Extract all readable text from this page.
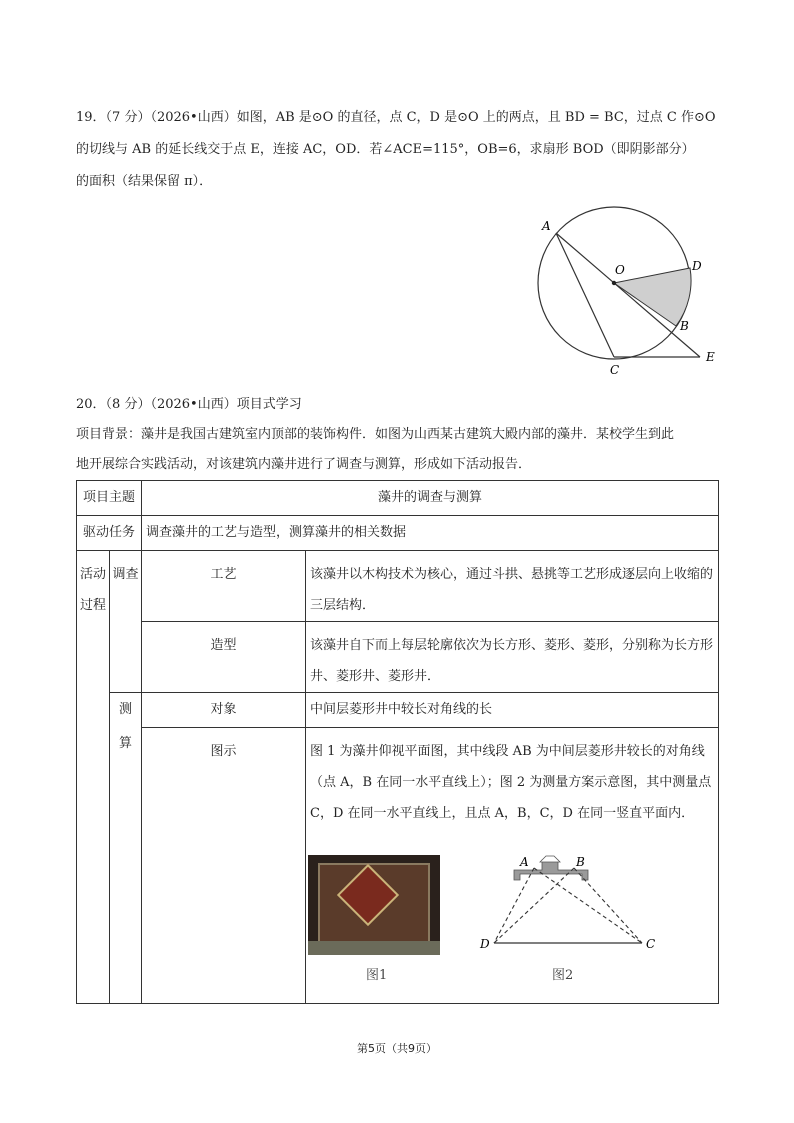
19．（7 分）（2026•山西）如图，AB 是⊙O 的直径，点 C，D 是⊙O 上的两点，且 BD = BC，过点 C 作⊙O
的切线与 AB 的延长线交于点 E，连接 AC，OD．若∠ACE=115°，OB=6，求扇形 BOD（即阴影部分）
的面积（结果保留 π）．
A
O	D
B
E
C
20．（8 分）（2026•山西）项目式学习
项目背景：藻井是我国古建筑室内顶部的装饰构件．如图为山西某古建筑大殿内部的藻井．某校学生到此
地开展综合实践活动，对该建筑内藻井进行了调查与测算，形成如下活动报告．
项目主题		藻井的调查与测算	
驱动任务		调查藻井的工艺与造型，测算藻井的相关数据	
活动过程	调查	工艺	该藻井以木构技术为核心，通过斗拱、悬挑等工艺形成逐层向上收缩的三层结构．
		造型	该藻井自下而上每层轮廓依次为长方形、菱形、菱形，分别称为长方形井、菱形井、菱形井．
	测算	对象	中间层菱形井中较长对角线的长
		图示	图 1 为藻井仰视平面图，其中线段 AB 为中间层菱形井较长的对角线（点 A，B 在同一水平直线上）；图 2 为测量方案示意图，其中测量点 C，D 在同一水平直线上，且点 A，B，C，D 在同一竖直平面内．
图1
A	B
D	C
图2
第5页（共9页）
